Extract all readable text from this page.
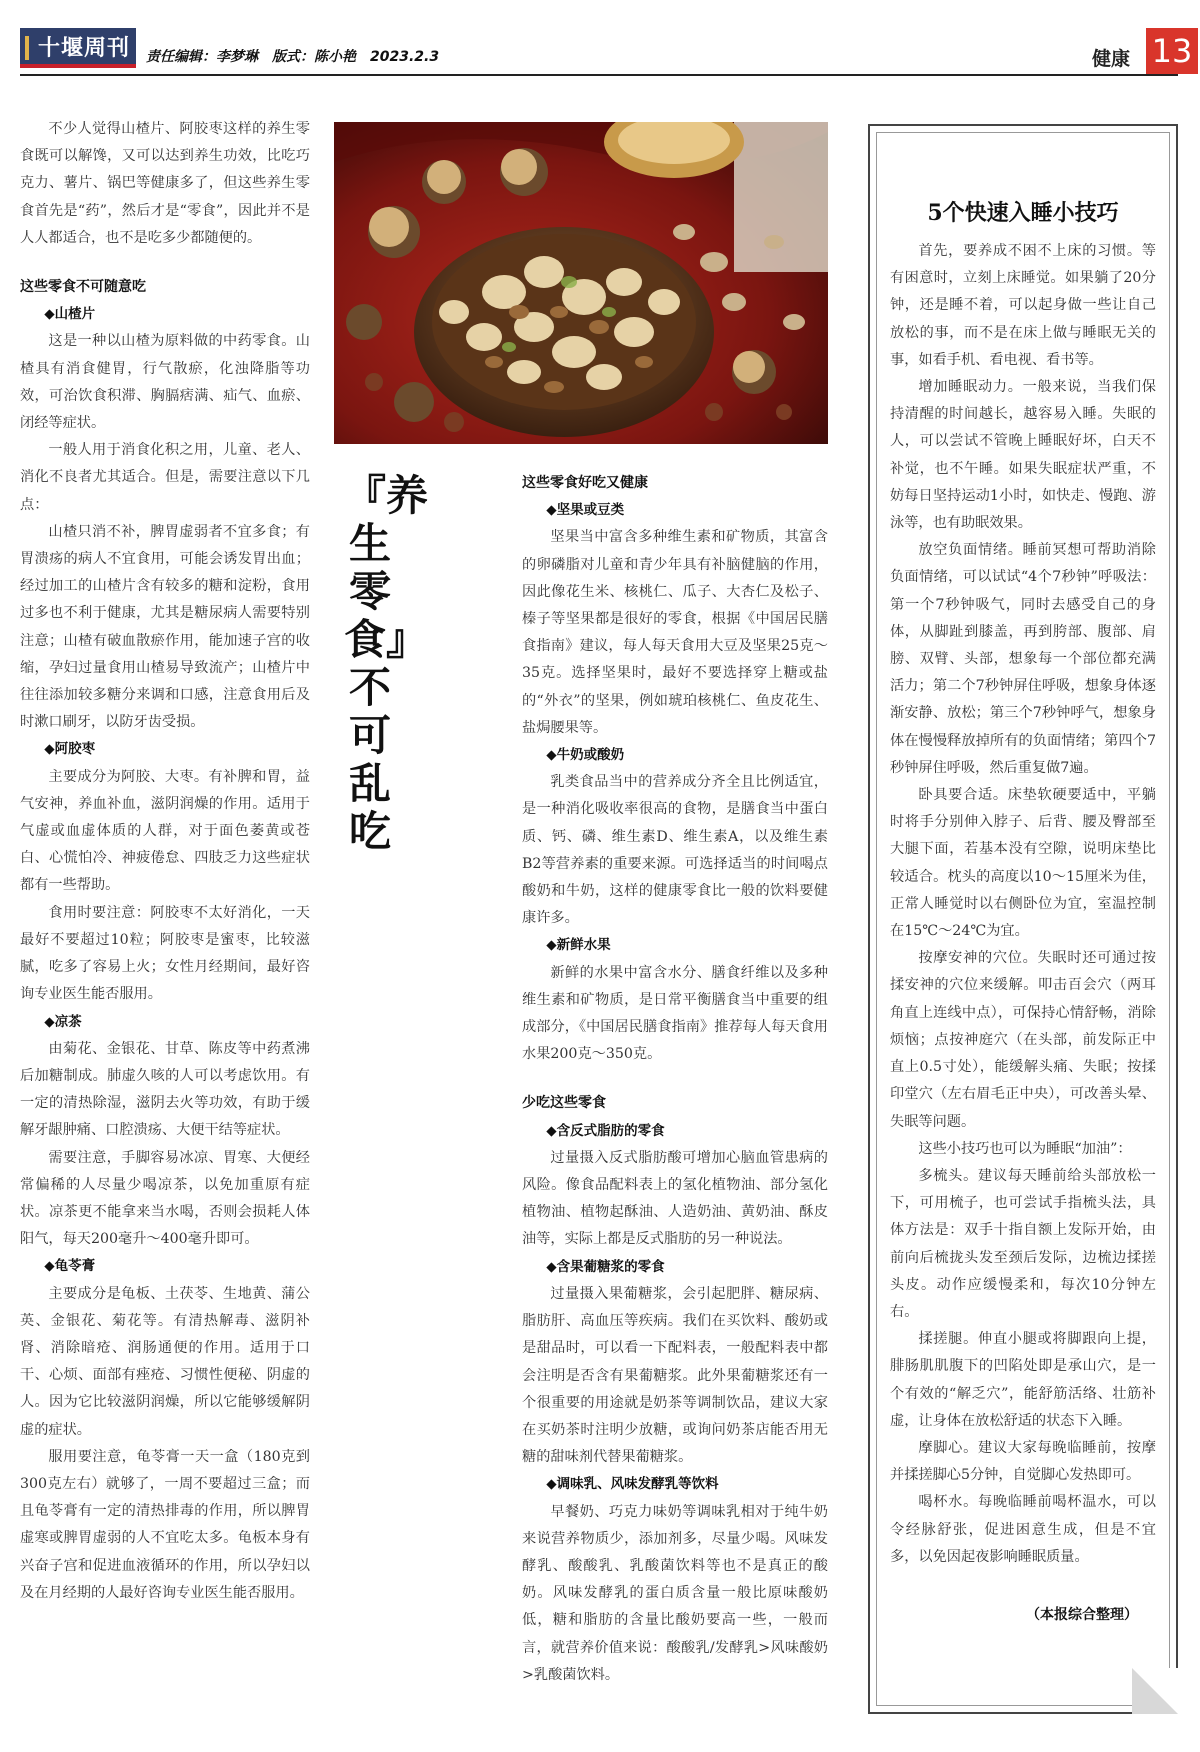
十堰周刊	责任编辑：李梦琳　版式：陈小艳　2023.2.3	健康 13

不少人觉得山楂片、阿胶枣这样的养生零食既可以解馋，又可以达到养生功效，比吃巧克力、薯片、锅巴等健康多了，但这些养生零食首先是“药”，然后才是“零食”，因此并不是人人都适合，也不是吃多少都随便的。

这些零食不可随意吃

◆山楂片

这是一种以山楂为原料做的中药零食。山楂具有消食健胃，行气散瘀，化浊降脂等功效，可治饮食积滞、胸膈痞满、疝气、血瘀、闭经等症状。

一般人用于消食化积之用，儿童、老人、消化不良者尤其适合。但是，需要注意以下几点：

山楂只消不补，脾胃虚弱者不宜多食；有胃溃疡的病人不宜食用，可能会诱发胃出血；经过加工的山楂片含有较多的糖和淀粉，食用过多也不利于健康，尤其是糖尿病人需要特别注意；山楂有破血散瘀作用，能加速子宫的收缩，孕妇过量食用山楂易导致流产；山楂片中往往添加较多糖分来调和口感，注意食用后及时漱口刷牙，以防牙齿受损。

◆阿胶枣

主要成分为阿胶、大枣。有补脾和胃，益气安神，养血补血，滋阴润燥的作用。适用于气虚或血虚体质的人群，对于面色萎黄或苍白、心慌怕冷、神疲倦怠、四肢乏力这些症状都有一些帮助。

食用时要注意：阿胶枣不太好消化，一天最好不要超过10粒；阿胶枣是蜜枣，比较滋腻，吃多了容易上火；女性月经期间，最好咨询专业医生能否服用。

◆凉茶

由菊花、金银花、甘草、陈皮等中药煮沸后加糖制成。肺虚久咳的人可以考虑饮用。有一定的清热除湿，滋阴去火等功效，有助于缓解牙龈肿痛、口腔溃疡、大便干结等症状。

需要注意，手脚容易冰凉、胃寒、大便经常偏稀的人尽量少喝凉茶，以免加重原有症状。凉茶更不能拿来当水喝，否则会损耗人体阳气，每天200毫升～400毫升即可。

◆龟苓膏

主要成分是龟板、土茯苓、生地黄、蒲公英、金银花、菊花等。有清热解毒、滋阴补肾、消除暗疮、润肠通便的作用。适用于口干、心烦、面部有痤疮、习惯性便秘、阴虚的人。因为它比较滋阴润燥，所以它能够缓解阴虚的症状。

服用要注意，龟苓膏一天一盒（180克到300克左右）就够了，一周不要超过三盒；而且龟苓膏有一定的清热排毒的作用，所以脾胃虚寒或脾胃虚弱的人不宜吃太多。龟板本身有兴奋子宫和促进血液循环的作用，所以孕妇以及在月经期的人最好咨询专业医生能否服用。

『养生零食』不可乱吃

这些零食好吃又健康

◆坚果或豆类

坚果当中富含多种维生素和矿物质，其富含的卵磷脂对儿童和青少年具有补脑健脑的作用，因此像花生米、核桃仁、瓜子、大杏仁及松子、榛子等坚果都是很好的零食，根据《中国居民膳食指南》建议，每人每天食用大豆及坚果25克～35克。选择坚果时，最好不要选择穿上糖或盐的“外衣”的坚果，例如琥珀核桃仁、鱼皮花生、盐焗腰果等。

◆牛奶或酸奶

乳类食品当中的营养成分齐全且比例适宜，是一种消化吸收率很高的食物，是膳食当中蛋白质、钙、磷、维生素D、维生素A，以及维生素B2等营养素的重要来源。可选择适当的时间喝点酸奶和牛奶，这样的健康零食比一般的饮料要健康许多。

◆新鲜水果

新鲜的水果中富含水分、膳食纤维以及多种维生素和矿物质，是日常平衡膳食当中重要的组成部分，《中国居民膳食指南》推荐每人每天食用水果200克～350克。

少吃这些零食

◆含反式脂肪的零食

过量摄入反式脂肪酸可增加心脑血管患病的风险。像食品配料表上的氢化植物油、部分氢化植物油、植物起酥油、人造奶油、黄奶油、酥皮油等，实际上都是反式脂肪的另一种说法。

◆含果葡糖浆的零食

过量摄入果葡糖浆，会引起肥胖、糖尿病、脂肪肝、高血压等疾病。我们在买饮料、酸奶或是甜品时，可以看一下配料表，一般配料表中都会注明是否含有果葡糖浆。此外果葡糖浆还有一个很重要的用途就是奶茶等调制饮品，建议大家在买奶茶时注明少放糖，或询问奶茶店能否用无糖的甜味剂代替果葡糖浆。

◆调味乳、风味发酵乳等饮料

早餐奶、巧克力味奶等调味乳相对于纯牛奶来说营养物质少，添加剂多，尽量少喝。风味发酵乳、酸酸乳、乳酸菌饮料等也不是真正的酸奶。风味发酵乳的蛋白质含量一般比原味酸奶低，糖和脂肪的含量比酸奶要高一些，一般而言，就营养价值来说：酸酸乳/发酵乳>风味酸奶>乳酸菌饮料。

5个快速入睡小技巧

首先，要养成不困不上床的习惯。等有困意时，立刻上床睡觉。如果躺了20分钟，还是睡不着，可以起身做一些让自己放松的事，而不是在床上做与睡眠无关的事，如看手机、看电视、看书等。

增加睡眠动力。一般来说，当我们保持清醒的时间越长，越容易入睡。失眠的人，可以尝试不管晚上睡眠好坏，白天不补觉，也不午睡。如果失眠症状严重，不妨每日坚持运动1小时，如快走、慢跑、游泳等，也有助眠效果。

放空负面情绪。睡前冥想可帮助消除负面情绪，可以试试“4个7秒钟”呼吸法：第一个7秒钟吸气，同时去感受自己的身体，从脚趾到膝盖，再到胯部、腹部、肩膀、双臂、头部，想象每一个部位都充满活力；第二个7秒钟屏住呼吸，想象身体逐渐安静、放松；第三个7秒钟呼气，想象身体在慢慢释放掉所有的负面情绪；第四个7秒钟屏住呼吸，然后重复做7遍。

卧具要合适。床垫软硬要适中，平躺时将手分别伸入脖子、后背、腰及臀部至大腿下面，若基本没有空隙，说明床垫比较适合。枕头的高度以10～15厘米为佳，正常人睡觉时以右侧卧位为宜，室温控制在15℃～24℃为宜。

按摩安神的穴位。失眠时还可通过按揉安神的穴位来缓解。叩击百会穴（两耳角直上连线中点），可保持心情舒畅，消除烦恼；点按神庭穴（在头部，前发际正中直上0.5寸处），能缓解头痛、失眠；按揉印堂穴（左右眉毛正中央），可改善头晕、失眠等问题。

这些小技巧也可以为睡眠“加油”：

多梳头。建议每天睡前给头部放松一下，可用梳子，也可尝试手指梳头法，具体方法是：双手十指自额上发际开始，由前向后梳拢头发至颈后发际，边梳边揉搓头皮。动作应缓慢柔和，每次10分钟左右。

揉搓腿。伸直小腿或将脚跟向上提，腓肠肌肌腹下的凹陷处即是承山穴，是一个有效的“解乏穴”，能舒筋活络、壮筋补虚，让身体在放松舒适的状态下入睡。

摩脚心。建议大家每晚临睡前，按摩并揉搓脚心5分钟，自觉脚心发热即可。

喝杯水。每晚临睡前喝杯温水，可以令经脉舒张，促进困意生成，但是不宜多，以免因起夜影响睡眠质量。

（本报综合整理）
